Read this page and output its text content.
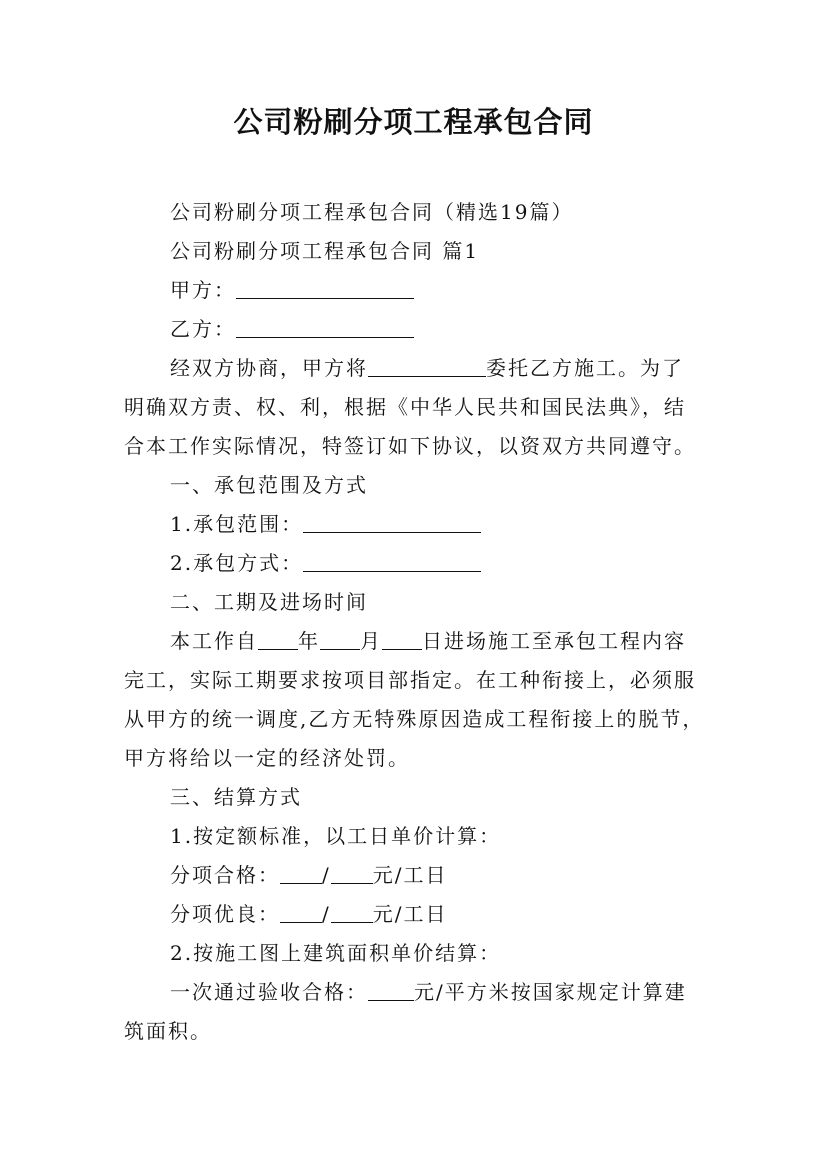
公司粉刷分项工程承包合同

公司粉刷分项工程承包合同（精选19篇）

公司粉刷分项工程承包合同 篇1

甲方：

乙方：

经双方协商，甲方将	委托乙方施工。为了

明确双方责、权、利，根据《中华人民共和国民法典》，结

合本工作实际情况，特签订如下协议，以资双方共同遵守。

一、承包范围及方式

1.承包范围：

2.承包方式：

二、工期及进场时间

本工作自 年 月 日进场施工至承包工程内容

完工，实际工期要求按项目部指定。在工种衔接上，必须服

从甲方的统一调度,乙方无特殊原因造成工程衔接上的脱节，

甲方将给以一定的经济处罚。

三、结算方式

1.按定额标准，以工日单价计算：

分项合格： / 元/工日

分项优良： / 元/工日

2.按施工图上建筑面积单价结算：

一次通过验收合格： 元/平方米按国家规定计算建

筑面积。
